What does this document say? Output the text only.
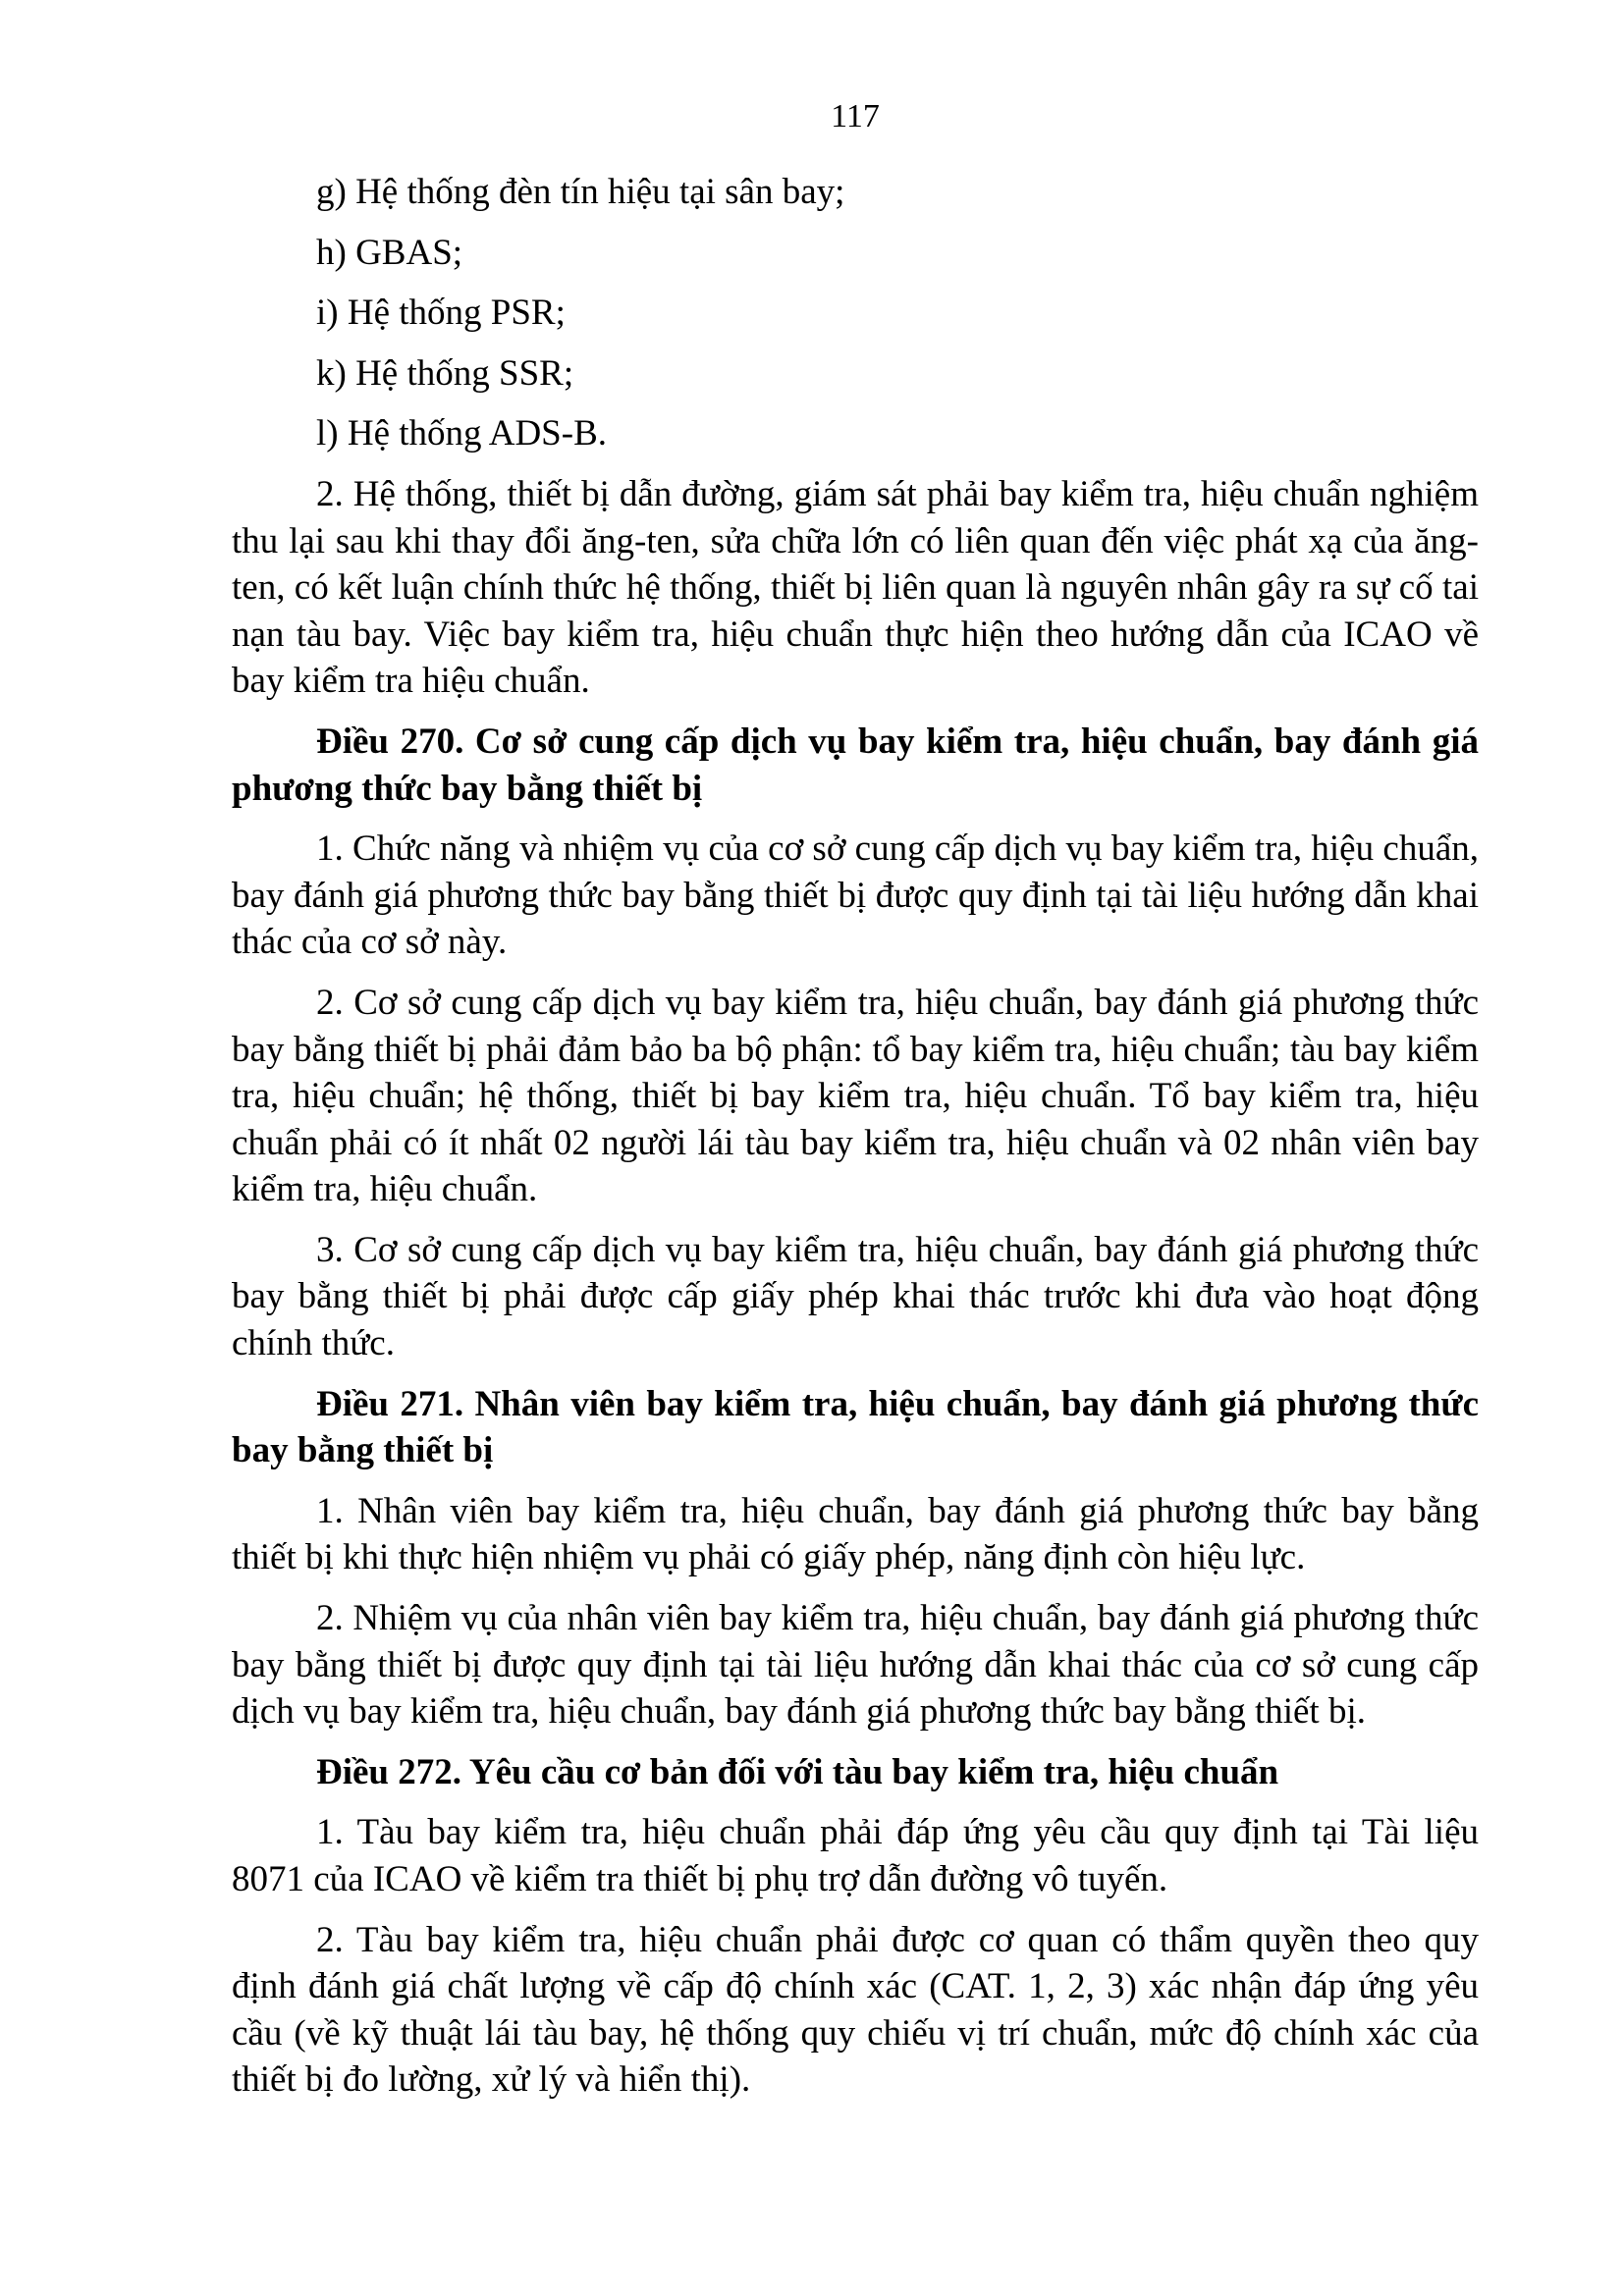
117

g) Hệ thống đèn tín hiệu tại sân bay;

h) GBAS;

i) Hệ thống PSR;

k) Hệ thống SSR;

l) Hệ thống ADS-B.

2. Hệ thống, thiết bị dẫn đường, giám sát phải bay kiểm tra, hiệu chuẩn nghiệm thu lại sau khi thay đổi ăng-ten, sửa chữa lớn có liên quan đến việc phát xạ của ăng-ten, có kết luận chính thức hệ thống, thiết bị liên quan là nguyên nhân gây ra sự cố tai nạn tàu bay. Việc bay kiểm tra, hiệu chuẩn thực hiện theo hướng dẫn của ICAO về bay kiểm tra hiệu chuẩn.

Điều 270. Cơ sở cung cấp dịch vụ bay kiểm tra, hiệu chuẩn, bay đánh giá phương thức bay bằng thiết bị

1. Chức năng và nhiệm vụ của cơ sở cung cấp dịch vụ bay kiểm tra, hiệu chuẩn, bay đánh giá phương thức bay bằng thiết bị được quy định tại tài liệu hướng dẫn khai thác của cơ sở này.

2. Cơ sở cung cấp dịch vụ bay kiểm tra, hiệu chuẩn, bay đánh giá phương thức bay bằng thiết bị phải đảm bảo ba bộ phận: tổ bay kiểm tra, hiệu chuẩn; tàu bay kiểm tra, hiệu chuẩn; hệ thống, thiết bị bay kiểm tra, hiệu chuẩn. Tổ bay kiểm tra, hiệu chuẩn phải có ít nhất 02 người lái tàu bay kiểm tra, hiệu chuẩn và 02 nhân viên bay kiểm tra, hiệu chuẩn.

3. Cơ sở cung cấp dịch vụ bay kiểm tra, hiệu chuẩn, bay đánh giá phương thức bay bằng thiết bị phải được cấp giấy phép khai thác trước khi đưa vào hoạt động chính thức.

Điều 271. Nhân viên bay kiểm tra, hiệu chuẩn, bay đánh giá phương thức bay bằng thiết bị

1. Nhân viên bay kiểm tra, hiệu chuẩn, bay đánh giá phương thức bay bằng thiết bị khi thực hiện nhiệm vụ phải có giấy phép, năng định còn hiệu lực.

2. Nhiệm vụ của nhân viên bay kiểm tra, hiệu chuẩn, bay đánh giá phương thức bay bằng thiết bị được quy định tại tài liệu hướng dẫn khai thác của cơ sở cung cấp dịch vụ bay kiểm tra, hiệu chuẩn, bay đánh giá phương thức bay bằng thiết bị.

Điều 272. Yêu cầu cơ bản đối với tàu bay kiểm tra, hiệu chuẩn

1. Tàu bay kiểm tra, hiệu chuẩn phải đáp ứng yêu cầu quy định tại Tài liệu 8071 của ICAO về kiểm tra thiết bị phụ trợ dẫn đường vô tuyến.

2. Tàu bay kiểm tra, hiệu chuẩn phải được cơ quan có thẩm quyền theo quy định đánh giá chất lượng về cấp độ chính xác (CAT. 1, 2, 3) xác nhận đáp ứng yêu cầu (về kỹ thuật lái tàu bay, hệ thống quy chiếu vị trí chuẩn, mức độ chính xác của thiết bị đo lường, xử lý và hiển thị).
